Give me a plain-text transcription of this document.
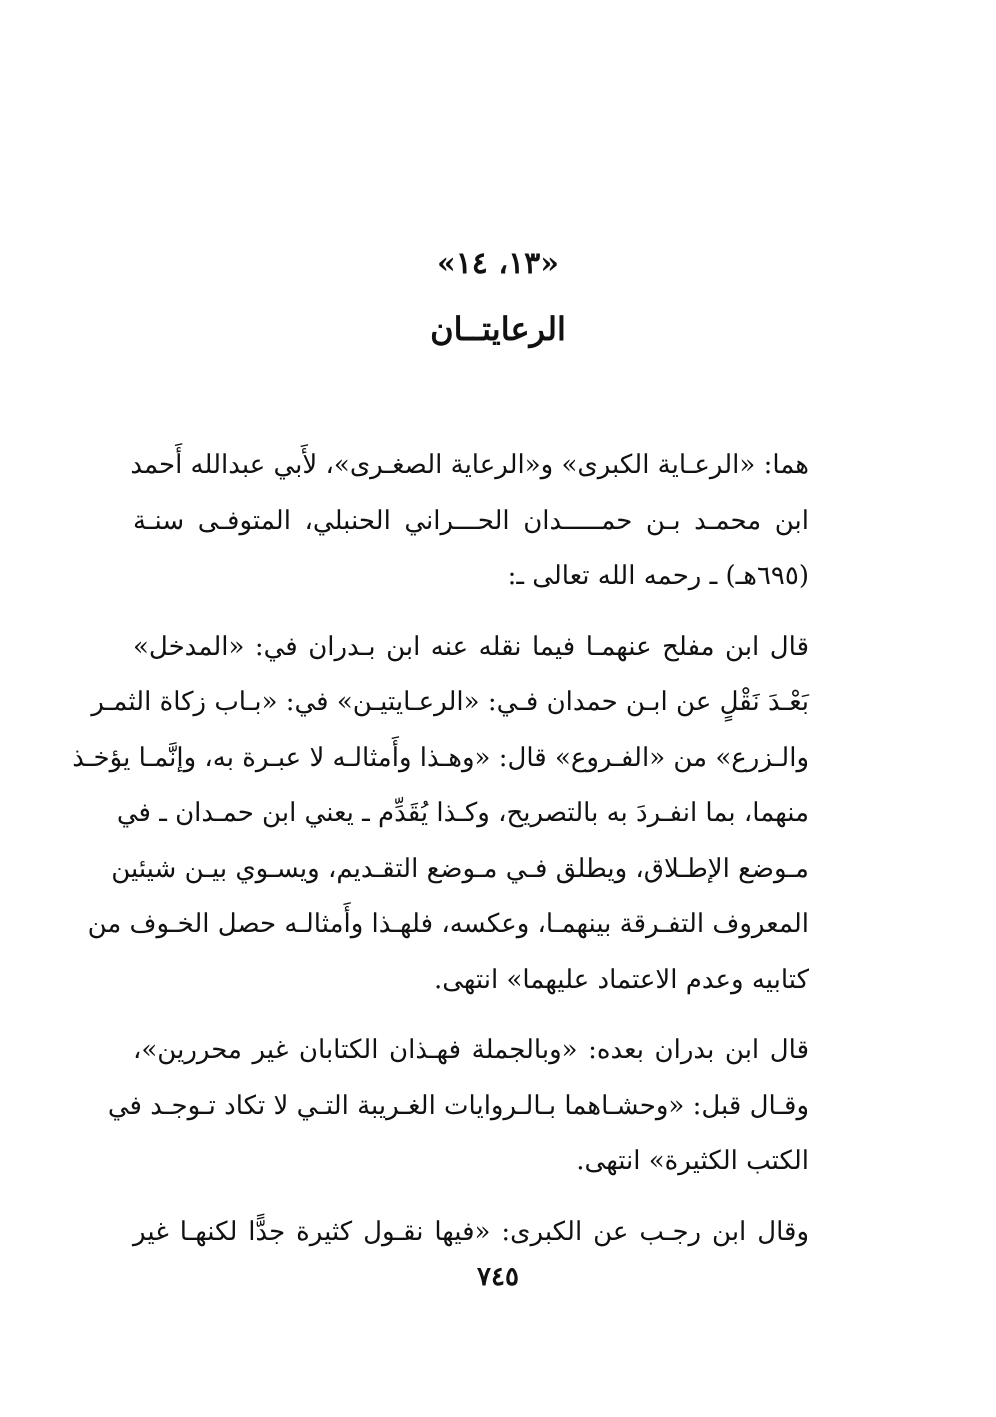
«١٣، ١٤»
الرعايتــان
هما: «الرعـاية الكبرى» و«الرعاية الصغـرى»، لأَبي عبدالله أَحمد
ابن محمـد بـن حمـــــدان الحـــراني الحنبلي، المتوفـى سنـة
(٦٩٥هـ) ـ رحمه الله تعالى ـ:
قال ابن مفلح عنهمـا فيما نقله عنه ابن بـدران في: «المدخل»
بَعْـدَ نَقْلٍ عن ابـن حمدان فـي: «الرعـايتيـن» في: «بـاب زكاة الثمـر
والـزرع» من «الفـروع» قال: «وهـذا وأَمثالـه لا عبـرة به، وإنَّمـا يؤخـذ
منهما، بما انفـردَ به بالتصريح، وكـذا يُقَدِّم ـ يعني ابن حمـدان ـ في
مـوضع الإطـلاق، ويطلق فـي مـوضع التقـديم، ويسـوي بيـن شيئين
المعروف التفـرقة بينهمـا، وعكسه، فلهـذا وأَمثالـه حصل الخـوف من
كتابيه وعدم الاعتماد عليهما» انتهى.
قال ابن بدران بعده: «وبالجملة فهـذان الكتابان غير محررين»،
وقـال قبل: «وحشـاهما بـالـروايات الغـريبة التـي لا تكاد تـوجـد في
الكتب الكثيرة» انتهى.
وقال ابن رجـب عن الكبرى: «فيها نقـول كثيرة جدًّا لكنهـا غير
٧٤٥
